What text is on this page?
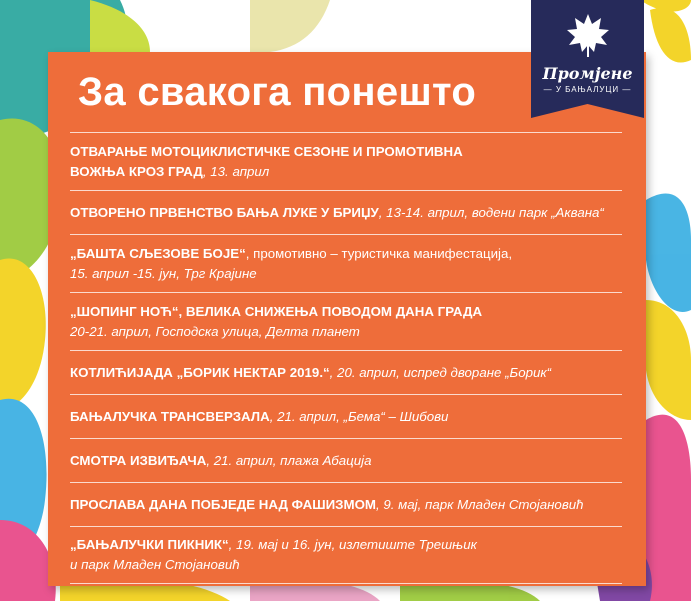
За свакога понешто
ОТВАРАЊЕ МОТОЦИКЛИСТИЧКЕ СЕЗОНЕ И ПРОМОТИВНА
ВОЖЊА КРОЗ ГРАД, 13. април
ОТВОРЕНО ПРВЕНСТВО БАЊА ЛУКЕ У БРИЏУ, 13-14. април, водени парк „Аквана“
„БАШТА СЉЕЗОВЕ БОЈЕ“, промотивно – туристичка манифестација,
15. април -15. јун, Трг Крајине
„ШОПИНГ НОЋ“, ВЕЛИКА СНИЖЕЊА ПОВОДОМ ДАНА ГРАДА
20-21. април, Господска улица, Делта планет
КОТЛИЋИЈАДА „БОРИК НЕКТАР 2019.“, 20. април, испред дворане „Борик“
БАЊАЛУЧКА ТРАНСВЕРЗАЛА, 21. април, „Бема“ – Шибови
СМОТРА ИЗВИЂАЧА, 21. април, плажа Абација
ПРОСЛАВА ДАНА ПОБЈЕДЕ НАД ФАШИЗМОМ, 9. мај, парк Младен Стојановић
„БАЊАЛУЧКИ ПИКНИК“, 19. мај и 16. јун, излетиште Трешњик
и парк Младен Стојановић
Промјене
— У БАЊАЛУЦИ —
